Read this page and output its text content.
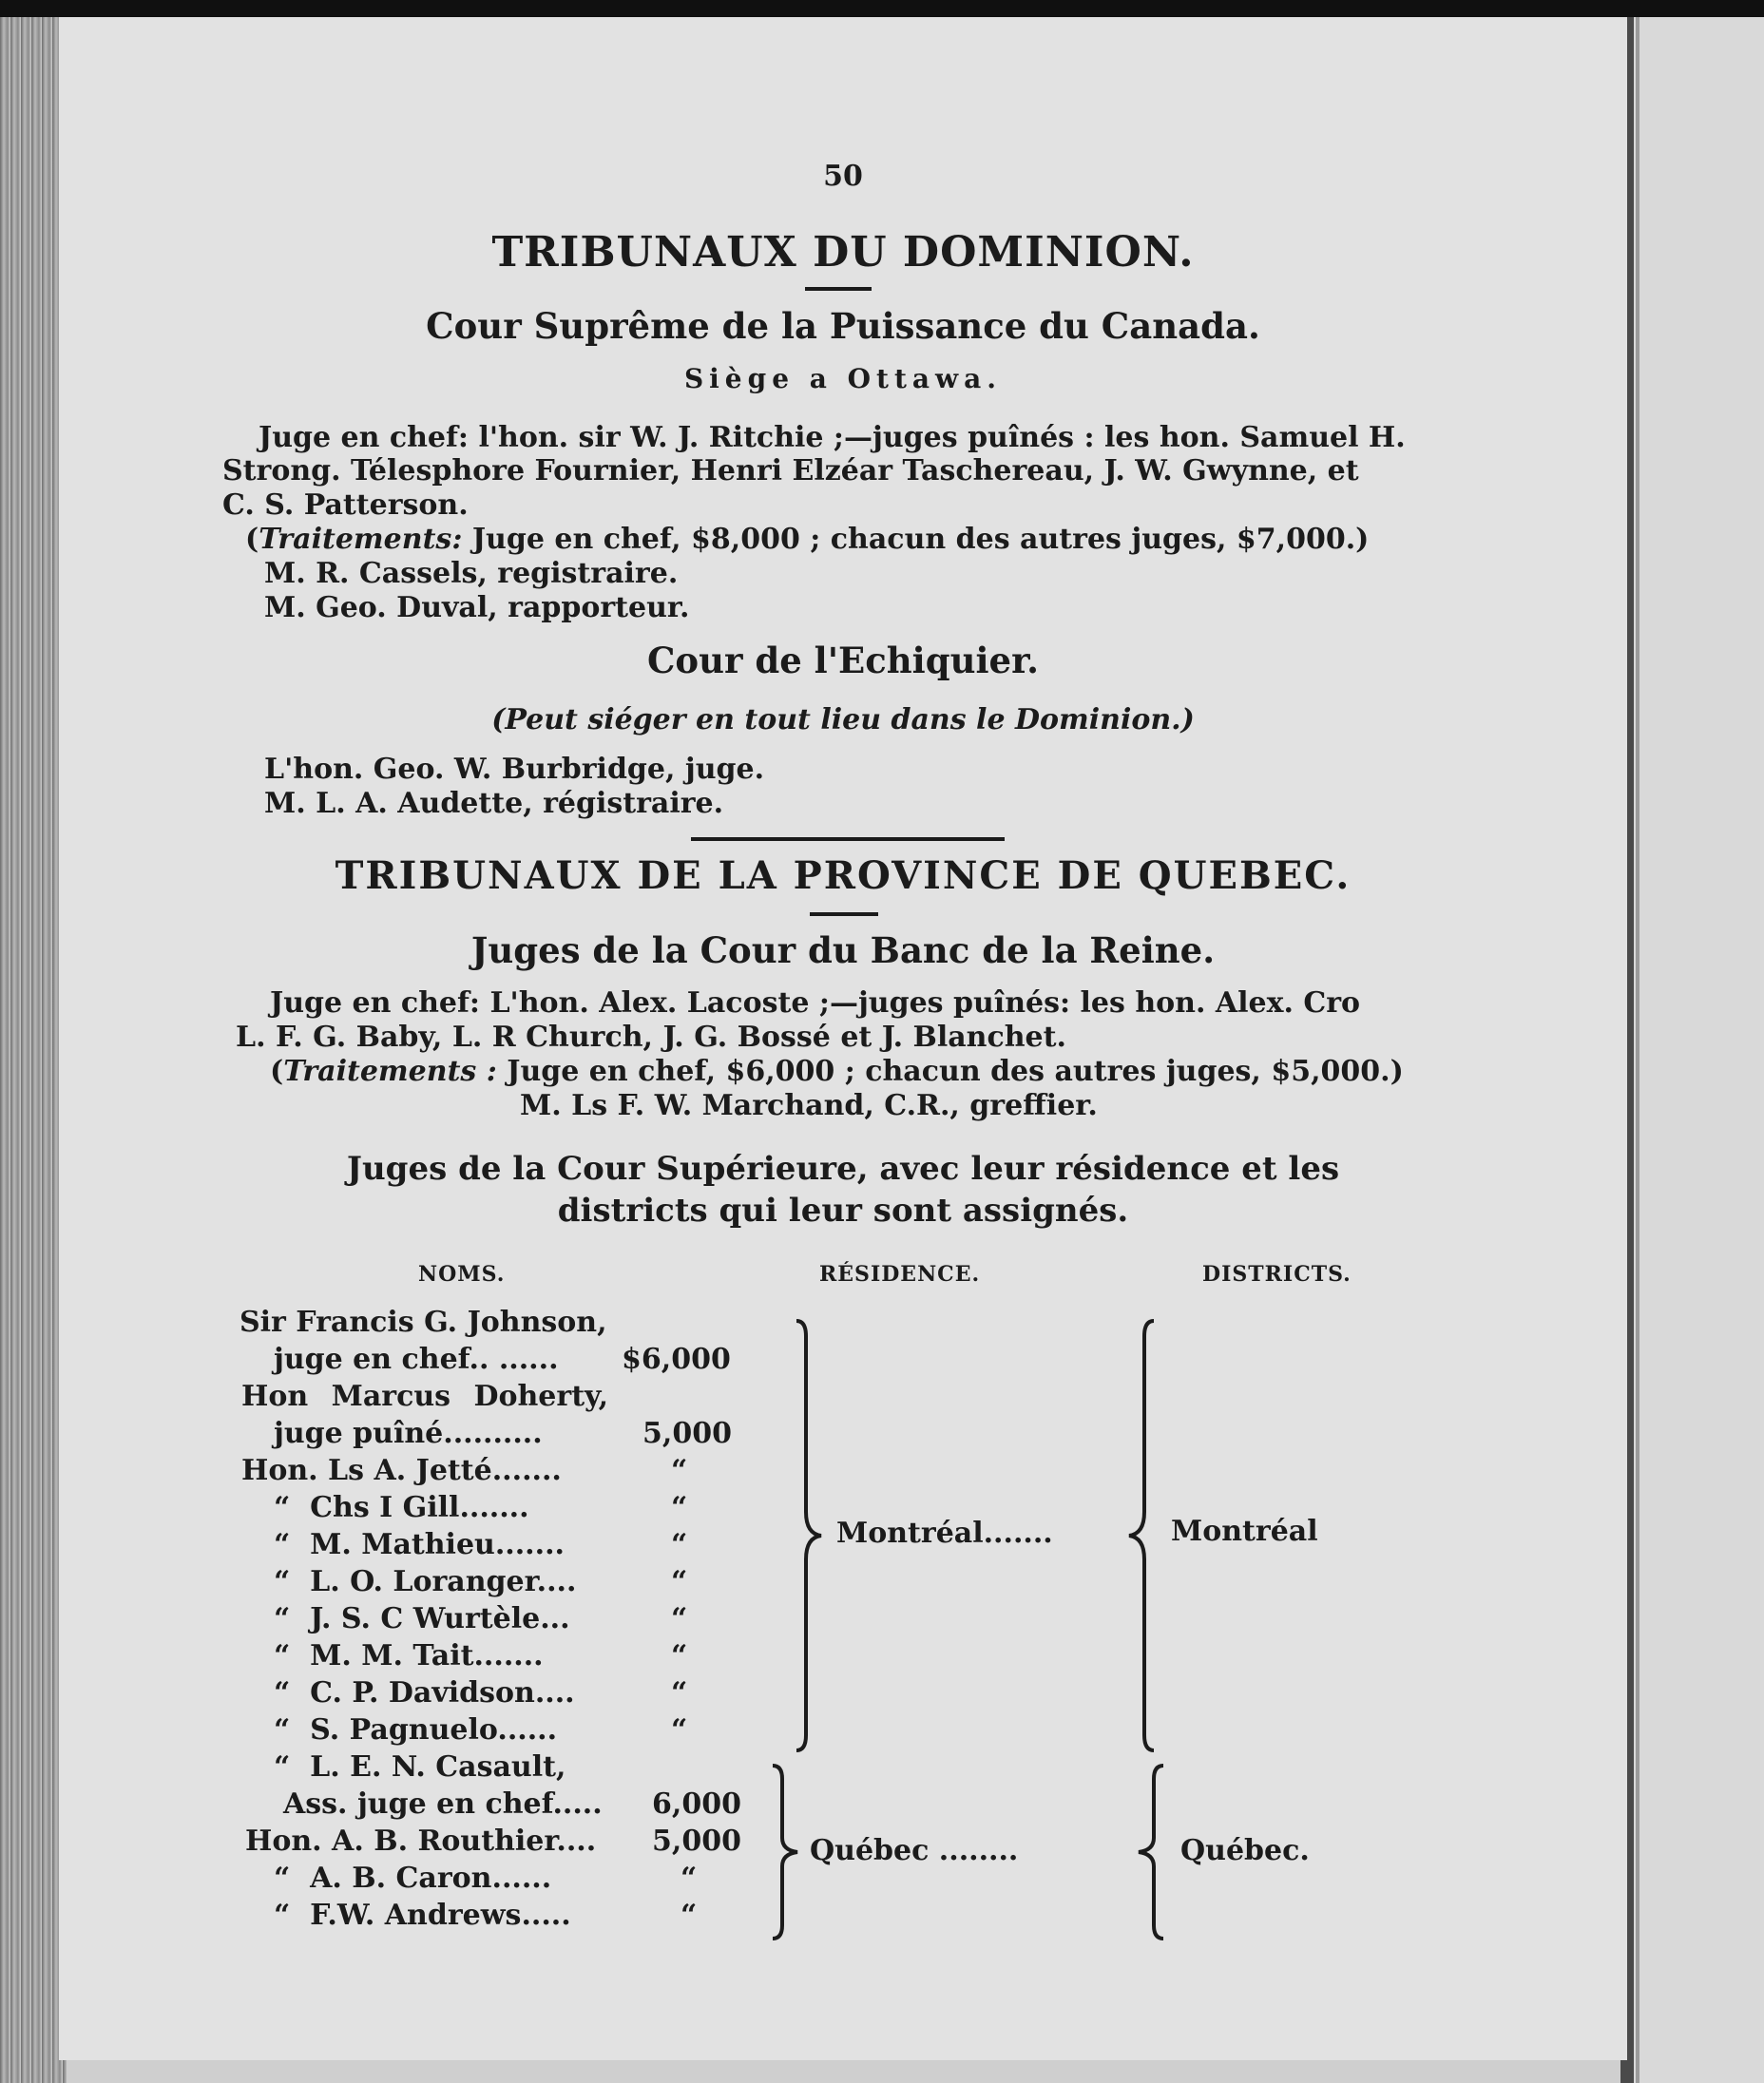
50
TRIBUNAUX DU DOMINION.
Cour Suprême de la Puissance du Canada.
Siège a Ottawa.
Juge en chef: l'hon. sir W. J. Ritchie ;—juges puînés : les hon. Samuel H.
Strong. Télesphore Fournier, Henri Elzéar Taschereau, J. W. Gwynne, et
C. S. Patterson.
(Traitements: Juge en chef, $8,000 ; chacun des autres juges, $7,000.)
M. R. Cassels, registraire.
M. Geo. Duval, rapporteur.
Cour de l'Echiquier.
(Peut siéger en tout lieu dans le Dominion.)
L'hon. Geo. W. Burbridge, juge.
M. L. A. Audette, régistraire.
TRIBUNAUX DE LA PROVINCE DE QUEBEC.
Juges de la Cour du Banc de la Reine.
Juge en chef: L'hon. Alex. Lacoste ;—juges puînés: les hon. Alex. Cro
L. F. G. Baby, L. R Church, J. G. Bossé et J. Blanchet.
(Traitements : Juge en chef, $6,000 ; chacun des autres juges, $5,000.)
M. Ls F. W. Marchand, C.R., greffier.
Juges de la Cour Supérieure, avec leur résidence et les
districts qui leur sont assignés.
NOMS.	RÉSIDENCE.	DISTRICTS.
Sir Francis G. Johnson,
juge en chef.. ...... $6,000
Hon Marcus Doherty,
juge puîné..........	5,000
Hon. Ls A. Jetté.......	“
“  Chs I Gill.......	“
“  M. Mathieu.......	“
“  L. O. Loranger....	“
“  J. S. C Wurtèle...	“
“  M. M. Tait.......	“
“  C. P. Davidson....	“
“  S. Pagnuelo......	“
Montréal.......	Montréal
“  L. E. N. Casault,
Ass. juge en chef..... 6,000
Hon. A. B. Routhier.... 5,000
“  A. B. Caron......	“
“  F.W. Andrews.....	“
Québec ........	Québec.
